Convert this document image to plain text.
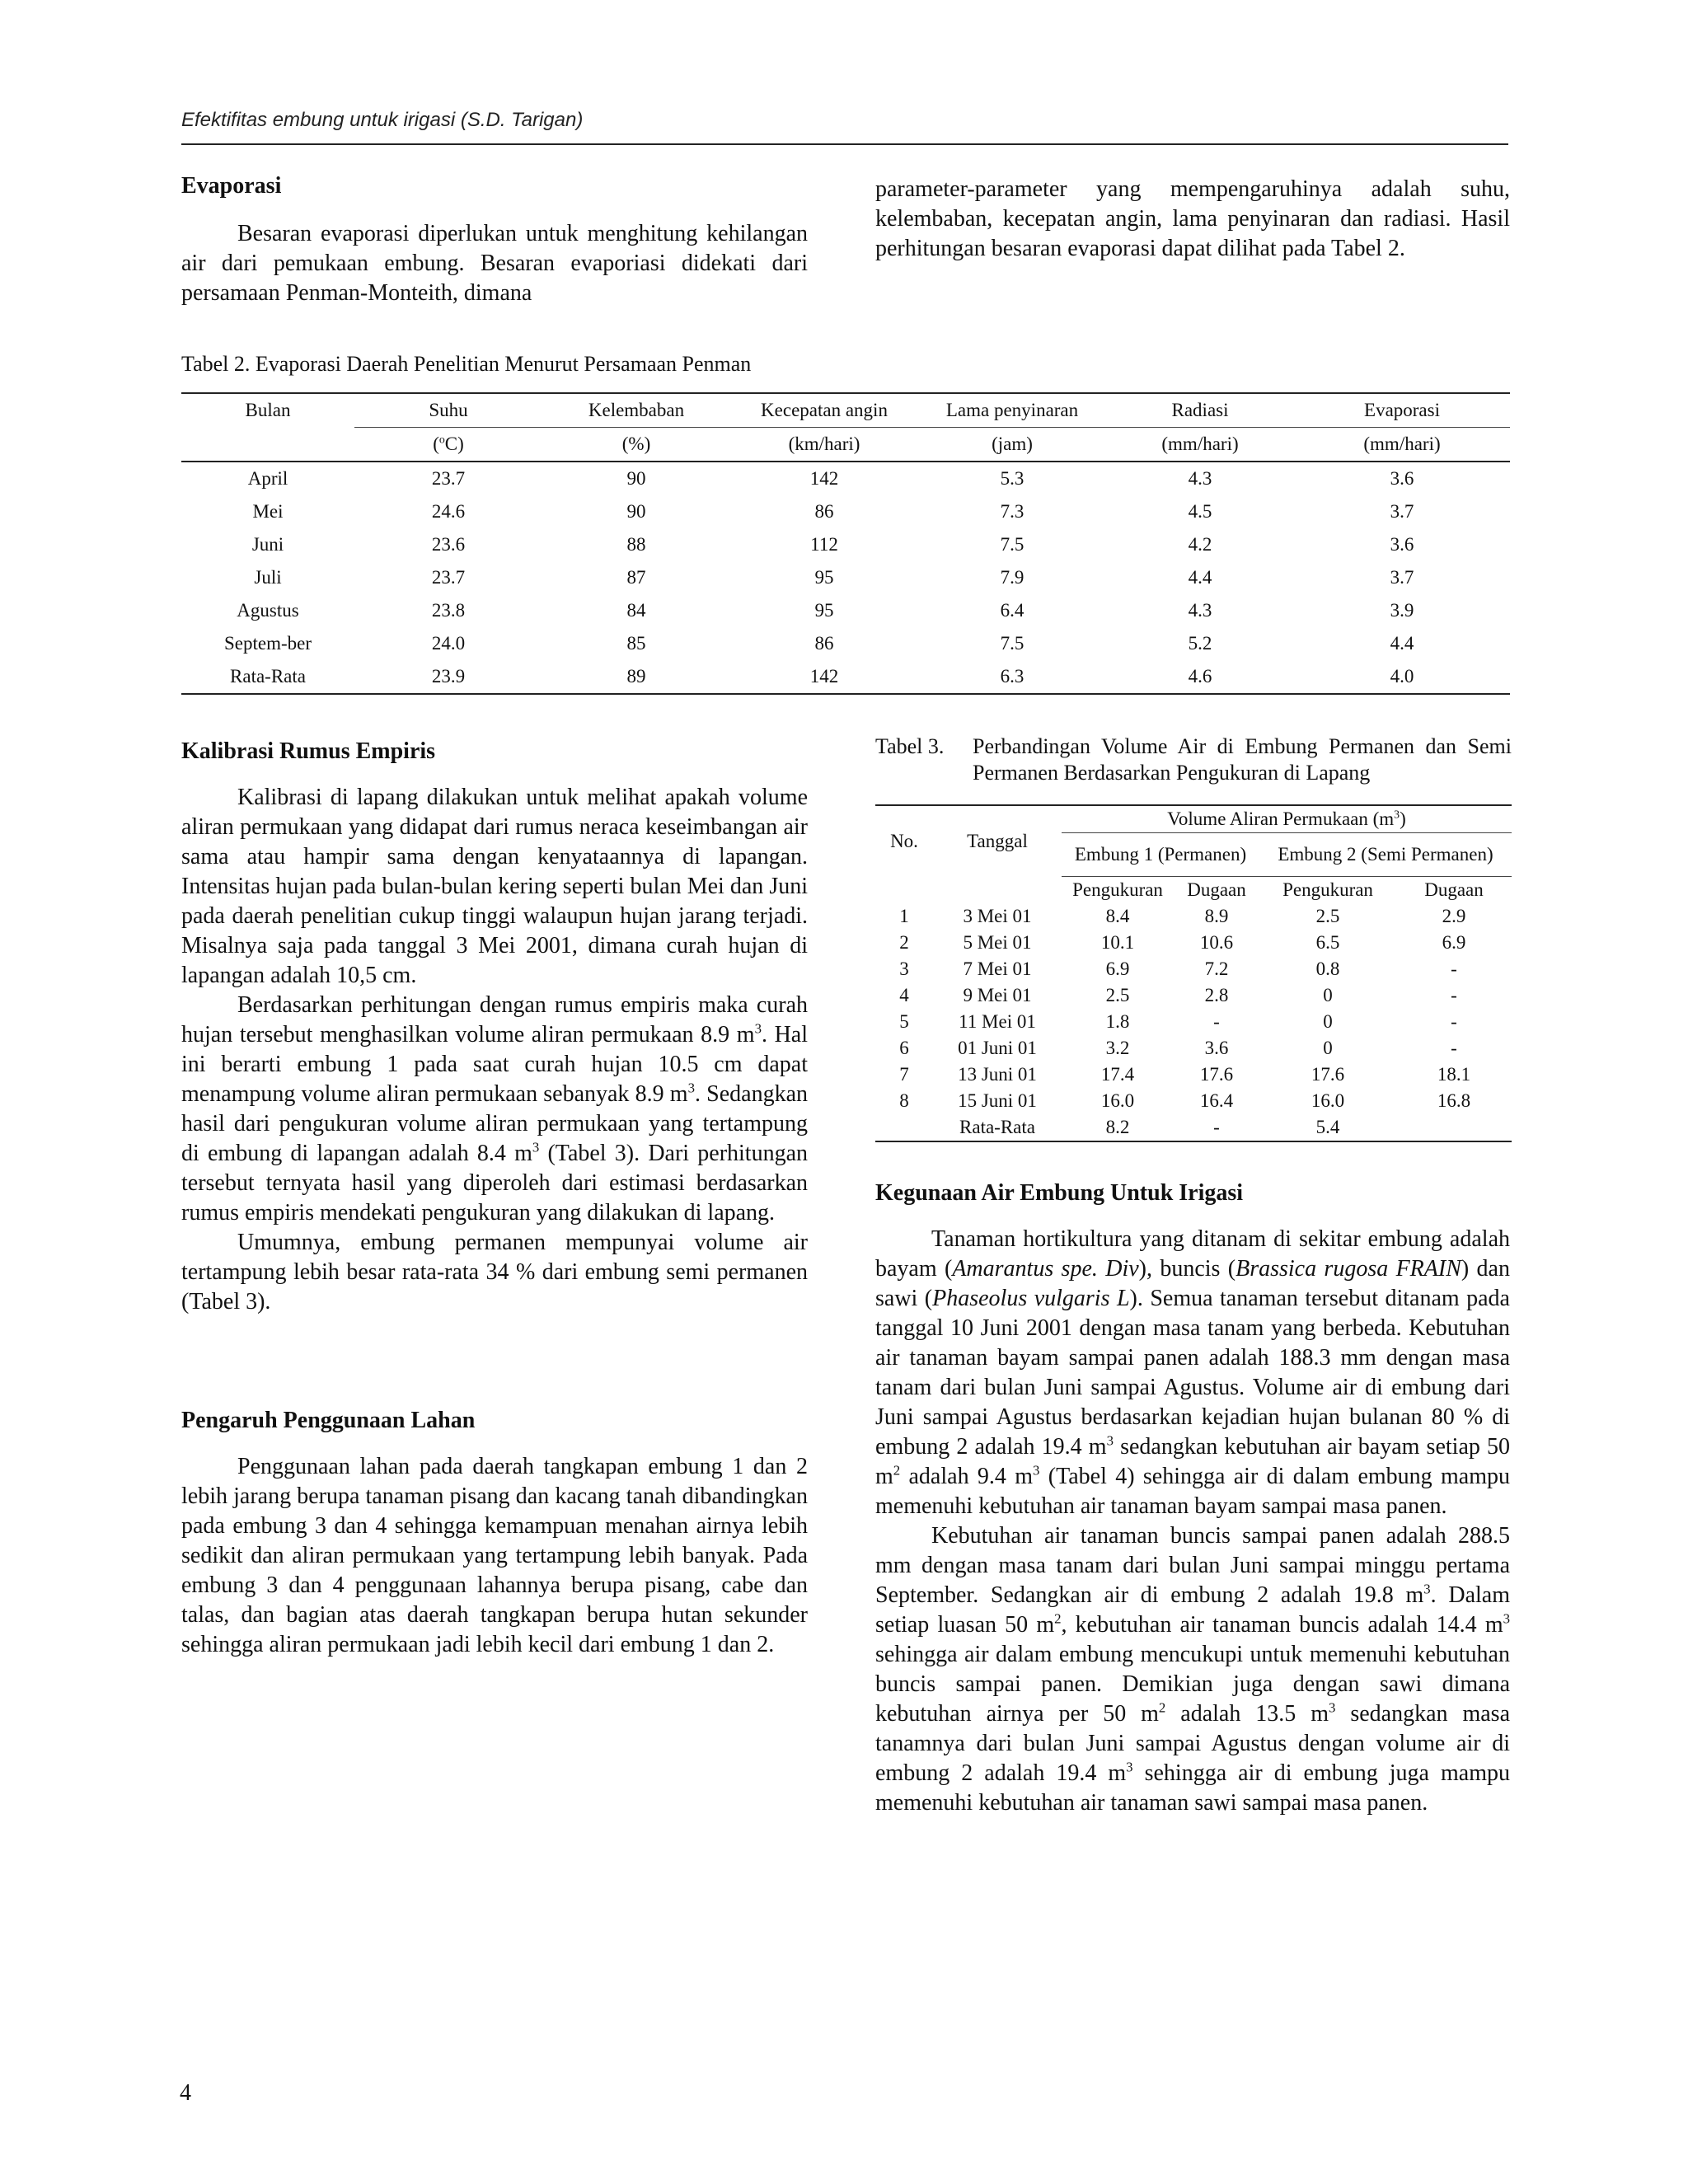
Efektifitas embung untuk irigasi (S.D. Tarigan)
Evaporasi

Besaran evaporasi diperlukan untuk menghitung kehilangan air dari pemukaan embung. Besaran evaporiasi didekati dari persamaan Penman-Monteith, dimana

parameter-parameter yang mempengaruhinya adalah suhu, kelembaban, kecepatan angin, lama penyinaran dan radiasi. Hasil perhitungan besaran evaporasi dapat dilihat pada Tabel 2.

Tabel 2. Evaporasi Daerah Penelitian Menurut Persamaan Penman
Bulan	Suhu	Kelembaban	Kecepatan angin	Lama penyinaran	Radiasi	Evaporasi
	($^o$C)	(%)	(km/hari)	(jam)	(mm/hari)	(mm/hari)
April	23.7	90	142	5.3	4.3	3.6
Mei	24.6	90	86	7.3	4.5	3.7
Juni	23.6	88	112	7.5	4.2	3.6
Juli	23.7	87	95	7.9	4.4	3.7
Agustus	23.8	84	95	6.4	4.3	3.9
Septem-ber	24.0	85	86	7.5	5.2	4.4
Rata-Rata	23.9	89	142	6.3	4.6	4.0
Kalibrasi Rumus Empiris

Kalibrasi di lapang dilakukan untuk melihat apakah volume aliran permukaan yang didapat dari rumus neraca keseimbangan air sama atau hampir sama dengan kenyataannya di lapangan. Intensitas hujan pada bulan-bulan kering seperti bulan Mei dan Juni pada daerah penelitian cukup tinggi walaupun hujan jarang terjadi. Misalnya saja pada tanggal 3 Mei 2001, dimana curah hujan di lapangan adalah 10,5 cm.

Berdasarkan perhitungan dengan rumus empiris maka curah hujan tersebut menghasilkan volume aliran permukaan 8.9 $m^3$. Hal ini berarti embung 1 pada saat curah hujan 10.5 cm dapat menampung volume aliran permukaan sebanyak 8.9 $m^3$. Sedangkan hasil dari pengukuran volume aliran permukaan yang tertampung di embung di lapangan adalah 8.4 $m^3$ (Tabel 3). Dari perhitungan tersebut ternyata hasil yang diperoleh dari estimasi berdasarkan rumus empiris mendekati pengukuran yang dilakukan di lapang.

Umumnya, embung permanen mempunyai volume air tertampung lebih besar rata-rata 34 % dari embung semi permanen (Tabel 3).

Pengaruh Penggunaan Lahan

Penggunaan lahan pada daerah tangkapan embung 1 dan 2 lebih jarang berupa tanaman pisang dan kacang tanah dibandingkan pada embung 3 dan 4 sehingga kemampuan menahan airnya lebih sedikit dan aliran permukaan yang tertampung lebih banyak. Pada embung 3 dan 4 penggunaan lahannya berupa pisang, cabe dan talas, dan bagian atas daerah tangkapan berupa hutan sekunder sehingga aliran permukaan jadi lebih kecil dari embung 1 dan 2.

Tabel 3.	Perbandingan Volume Air di Embung Permanen dan Semi Permanen Berdasarkan Pengukuran di Lapang
No.	Tanggal	Volume Aliran Permukaan $(m^3)$			
		Embung 1 (Permanen)		Embung 2 (Semi Permanen)	
		Pengukuran	Dugaan	Pengukuran	Dugaan
1	3 Mei 01	8.4	8.9	2.5	2.9
2	5 Mei 01	10.1	10.6	6.5	6.9
3	7 Mei 01	6.9	7.2	0.8	-
4	9 Mei 01	2.5	2.8	0	-
5	11 Mei 01	1.8	-	0	-
6	01 Juni 01	3.2	3.6	0	-
7	13 Juni 01	17.4	17.6	17.6	18.1
8	15 Juni 01	16.0	16.4	16.0	16.8
	Rata-Rata	8.2	-	5.4	
Kegunaan Air Embung Untuk Irigasi

Tanaman hortikultura yang ditanam di sekitar embung adalah bayam (Amarantus spe. Div), buncis (Brassica rugosa FRAIN) dan sawi (Phaseolus vulgaris L). Semua tanaman tersebut ditanam pada tanggal 10 Juni 2001 dengan masa tanam yang berbeda. Kebutuhan air tanaman bayam sampai panen adalah 188.3 mm dengan masa tanam dari bulan Juni sampai Agustus. Volume air di embung dari Juni sampai Agustus berdasarkan kejadian hujan bulanan 80 % di embung 2 adalah 19.4 $m^3$ sedangkan kebutuhan air bayam setiap 50 $m^2$ adalah 9.4 $m^3$ (Tabel 4) sehingga air di dalam embung mampu memenuhi kebutuhan air tanaman bayam sampai masa panen.

Kebutuhan air tanaman buncis sampai panen adalah 288.5 mm dengan masa tanam dari bulan Juni sampai minggu pertama September. Sedangkan air di embung 2 adalah 19.8 $m^3$. Dalam setiap luasan 50 $m^2$, kebutuhan air tanaman buncis adalah 14.4 $m^3$ sehingga air dalam embung mencukupi untuk memenuhi kebutuhan buncis sampai panen. Demikian juga dengan sawi dimana kebutuhan airnya per 50 $m^2$ adalah 13.5 $m^3$ sedangkan masa tanamnya dari bulan Juni sampai Agustus dengan volume air di embung 2 adalah 19.4 $m^3$ sehingga air di embung juga mampu memenuhi kebutuhan air tanaman sawi sampai masa panen.

4
